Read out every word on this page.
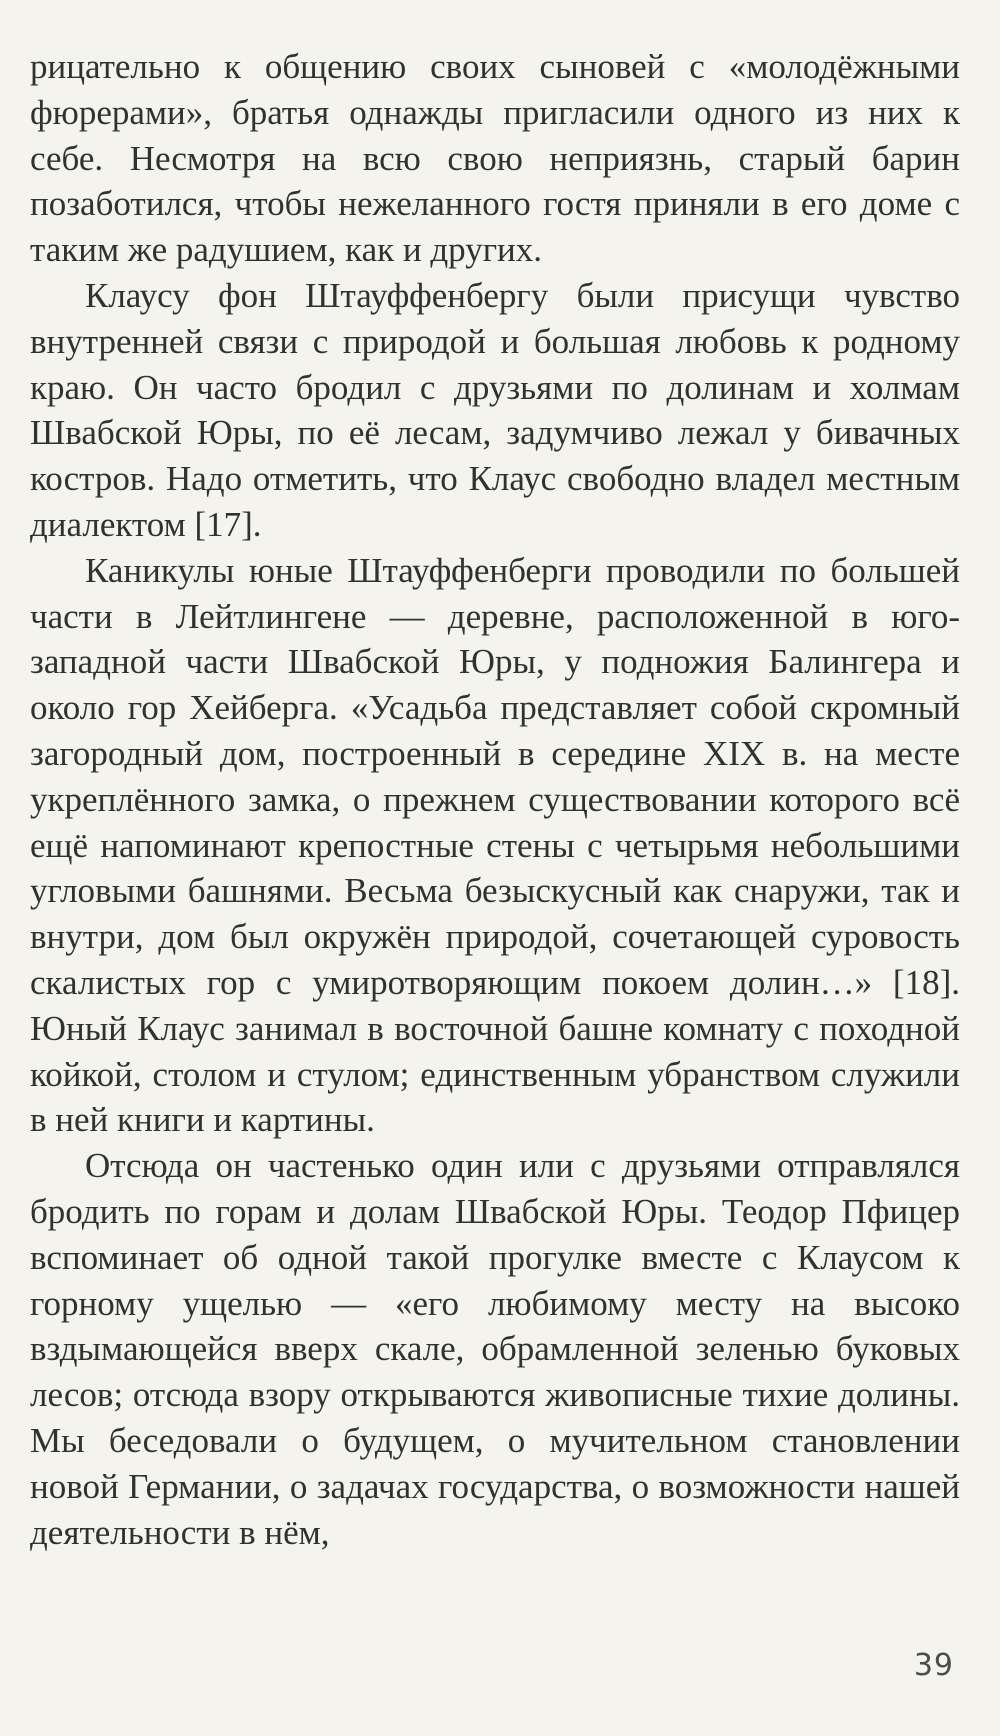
рицательно к общению своих сыновей с «молодёжными фюрерами», братья однажды пригласили одного из них к себе. Несмотря на всю свою неприязнь, старый барин позаботился, чтобы нежеланного гостя приняли в его доме с таким же радушием, как и других.

Клаусу фон Штауффенбергу были присущи чувство внутренней связи с природой и большая любовь к родному краю. Он часто бродил с друзьями по долинам и холмам Швабской Юры, по её лесам, задумчиво лежал у бивачных костров. Надо отметить, что Клаус свободно владел местным диалектом [17].

Каникулы юные Штауффенберги проводили по большей части в Лейтлингене — деревне, расположенной в юго-западной части Швабской Юры, у подножия Балингера и около гор Хейберга. «Усадьба представляет собой скромный загородный дом, построенный в середине XIX в. на месте укреплённого замка, о прежнем существовании которого всё ещё напоминают крепостные стены с четырьмя небольшими угловыми башнями. Весьма безыскусный как снаружи, так и внутри, дом был окружён природой, сочетающей суровость скалистых гор с умиротворяющим покоем долин…» [18]. Юный Клаус занимал в восточной башне комнату с походной койкой, столом и стулом; единственным убранством служили в ней книги и картины.

Отсюда он частенько один или с друзьями отправлялся бродить по горам и долам Швабской Юры. Теодор Пфицер вспоминает об одной такой прогулке вместе с Клаусом к горному ущелью — «его любимому месту на высоко вздымающейся вверх скале, обрамленной зеленью буковых лесов; отсюда взору открываются живописные тихие долины. Мы беседовали о будущем, о мучительном становлении новой Германии, о задачах государства, о возможности нашей деятельности в нём,

39
